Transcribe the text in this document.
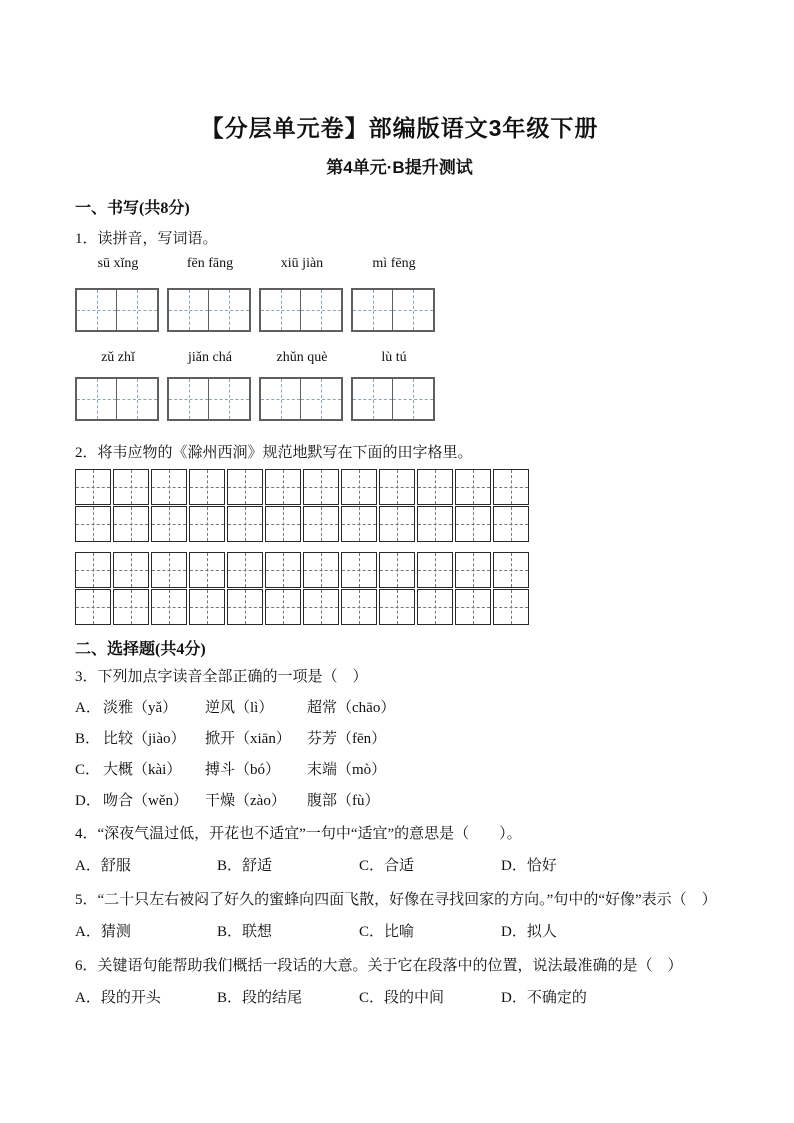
【分层单元卷】部编版语文3年级下册
第4单元·B提升测试
一、书写(共8分)
1．读拼音，写词语。
sū xǐng	fēn fāng	xiū jiàn	mì fēng
zǔ zhǐ	jiǎn chá	zhǔn què	lù tú
2．将韦应物的《滁州西涧》规范地默写在下面的田字格里。
二、选择题(共4分)
3．下列加点字读音全部正确的一项是（　）
A． 淡雅（yǎ）	逆风（lì）	超常（chāo）
B． 比较（jiào）	掀开（xiān）	芬芳（fēn）
C． 大概（kài）	搏斗（bó）	末端（mò）
D． 吻合（wěn）	干燥（zào）	腹部（fù）
4．“深夜气温过低，开花也不适宜”一句中“适宜”的意思是（　　）。
A．舒服	B．舒适	C．合适	D．恰好
5．“二十只左右被闷了好久的蜜蜂向四面飞散，好像在寻找回家的方向。”句中的“好像”表示（　）
A．猜测	B．联想	C．比喻	D．拟人
6．关键语句能帮助我们概括一段话的大意。关于它在段落中的位置，说法最准确的是（　）
A．段的开头	B．段的结尾	C．段的中间	D．不确定的
